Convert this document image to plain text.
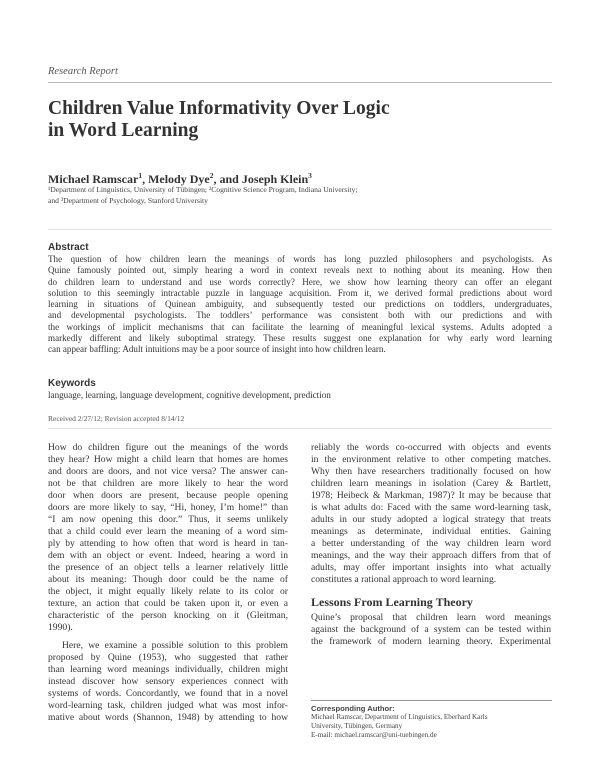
Research Report
Children Value Informativity Over Logic
in Word Learning

Michael Ramscar$^1$, Melody Dye$^2$, and Joseph Klein$^3$

¹Department of Linguistics, University of Tübingen; ²Cognitive Science Program, Indiana University;
and ³Department of Psychology, Stanford University
Abstract
The question of how children learn the meanings of words has long puzzled philosophers and psychologists. As
Quine famously pointed out, simply hearing a word in context reveals next to nothing about its meaning. How then
do children learn to understand and use words correctly? Here, we show how learning theory can offer an elegant
solution to this seemingly intractable puzzle in language acquisition. From it, we derived formal predictions about word
learning in situations of Quinean ambiguity, and subsequently tested our predictions on toddlers, undergraduates,
and developmental psychologists. The toddlers’ performance was consistent both with our predictions and with
the workings of implicit mechanisms that can facilitate the learning of meaningful lexical systems. Adults adopted a
markedly different and likely suboptimal strategy. These results suggest one explanation for why early word learning
can appear baffling: Adult intuitions may be a poor source of insight into how children learn.
Keywords
language, learning, language development, cognitive development, prediction
Received 2/27/12; Revision accepted 8/14/12
How do children figure out the meanings of the words
they hear? How might a child learn that homes are homes
and doors are doors, and not vice versa? The answer can-
not be that children are more likely to hear the word
door when doors are present, because people opening
doors are more likely to say, “Hi, honey, I’m home!” than
“I am now opening this door.” Thus, it seems unlikely
that a child could ever learn the meaning of a word sim-
ply by attending to how often that word is heard in tan-
dem with an object or event. Indeed, hearing a word in
the presence of an object tells a learner relatively little
about its meaning: Though door could be the name of
the object, it might equally likely relate to its color or
texture, an action that could be taken upon it, or even a
characteristic of the person knocking on it (Gleitman,
1990).
Here, we examine a possible solution to this problem
proposed by Quine (1953), who suggested that rather
than learning word meanings individually, children might
instead discover how sensory experiences connect with
systems of words. Concordantly, we found that in a novel
word-learning task, children judged what was most infor-
mative about words (Shannon, 1948) by attending to how
reliably the words co-occurred with objects and events
in the environment relative to other competing matches.
Why then have researchers traditionally focused on how
children learn meanings in isolation (Carey & Bartlett,
1978; Heibeck & Markman, 1987)? It may be because that
is what adults do: Faced with the same word-learning task,
adults in our study adopted a logical strategy that treats
meanings as determinate, individual entities. Gaining
a better understanding of the way children learn word
meanings, and the way their approach differs from that of
adults, may offer important insights into what actually
constitutes a rational approach to word learning.
Lessons From Learning Theory
Quine’s proposal that children learn word meanings
against the background of a system can be tested within
the framework of modern learning theory. Experimental
Corresponding Author:
Michael Ramscar, Department of Linguistics, Eberhard Karls
University, Tübingen, Germany
E-mail: michael.ramscar@uni-tuebingen.de
